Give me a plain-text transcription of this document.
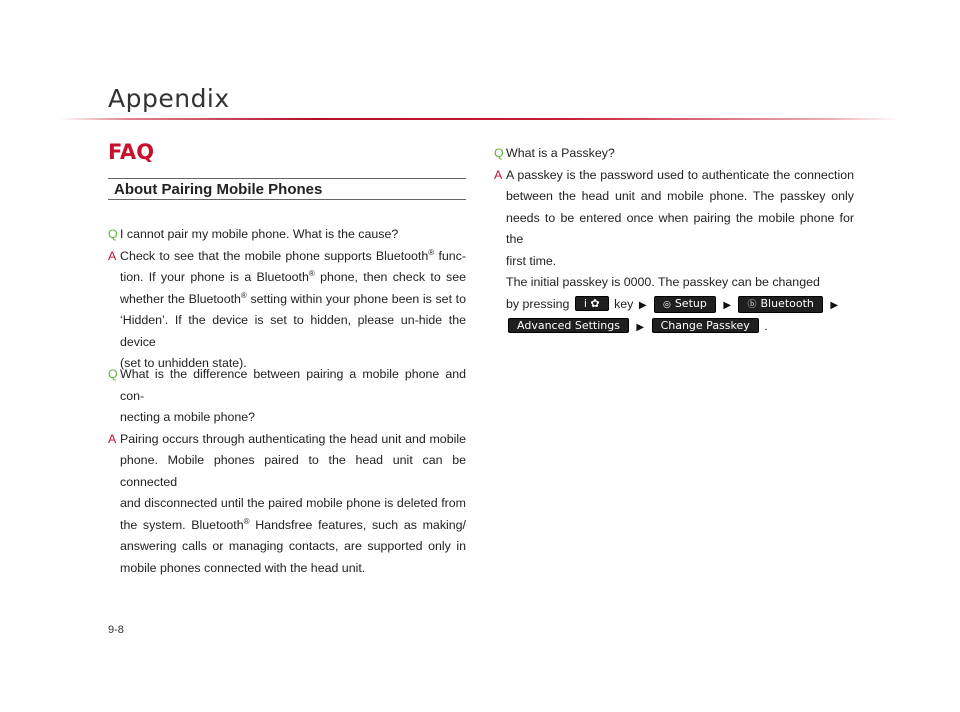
Appendix
FAQ
About Pairing Mobile Phones
Q I cannot pair my mobile phone. What is the cause?
A Check to see that the mobile phone supports Bluetooth® func-
tion. If your phone is a Bluetooth® phone, then check to see
whether the Bluetooth® setting within your phone been is set to
‘Hidden’. If the device is set to hidden, please un-hide the device
(set to unhidden state).
Q What is the difference between pairing a mobile phone and con-
necting a mobile phone?
A Pairing occurs through authenticating the head unit and mobile
phone. Mobile phones paired to the head unit can be connected
and disconnected until the paired mobile phone is deleted from
the system. Bluetooth® Handsfree features, such as making/
answering calls or managing contacts, are supported only in
mobile phones connected with the head unit.
Q What is a Passkey?
A A passkey is the password used to authenticate the connection
between the head unit and mobile phone. The passkey only
needs to be entered once when pairing the mobile phone for the
first time.
The initial passkey is 0000. The passkey can be changed
by pressing i ✿ key ▶ ◎ Setup ▶ ⓑ Bluetooth ▶
Advanced Settings ▶ Change Passkey .
9-8
